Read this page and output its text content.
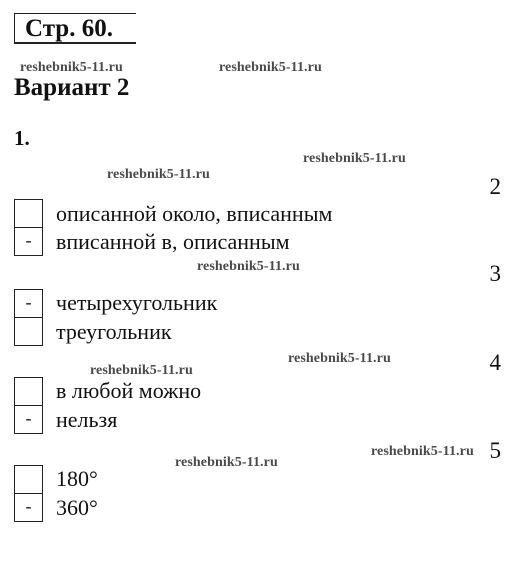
Стр. 60.
reshebnik5-11.ru	reshebnik5-11.ru
reshebnik5-11.ru
reshebnik5-11.ru
reshebnik5-11.ru
reshebnik5-11.ru
reshebnik5-11.ru
reshebnik5-11.ru
reshebnik5-11.ru
Вариант 2
1.
2
описанной около, вписанным
-	вписанной в, описанным
3
-	четырехугольник
треугольник
4
в любой можно
-	нельзя
5
180°
-	360°
